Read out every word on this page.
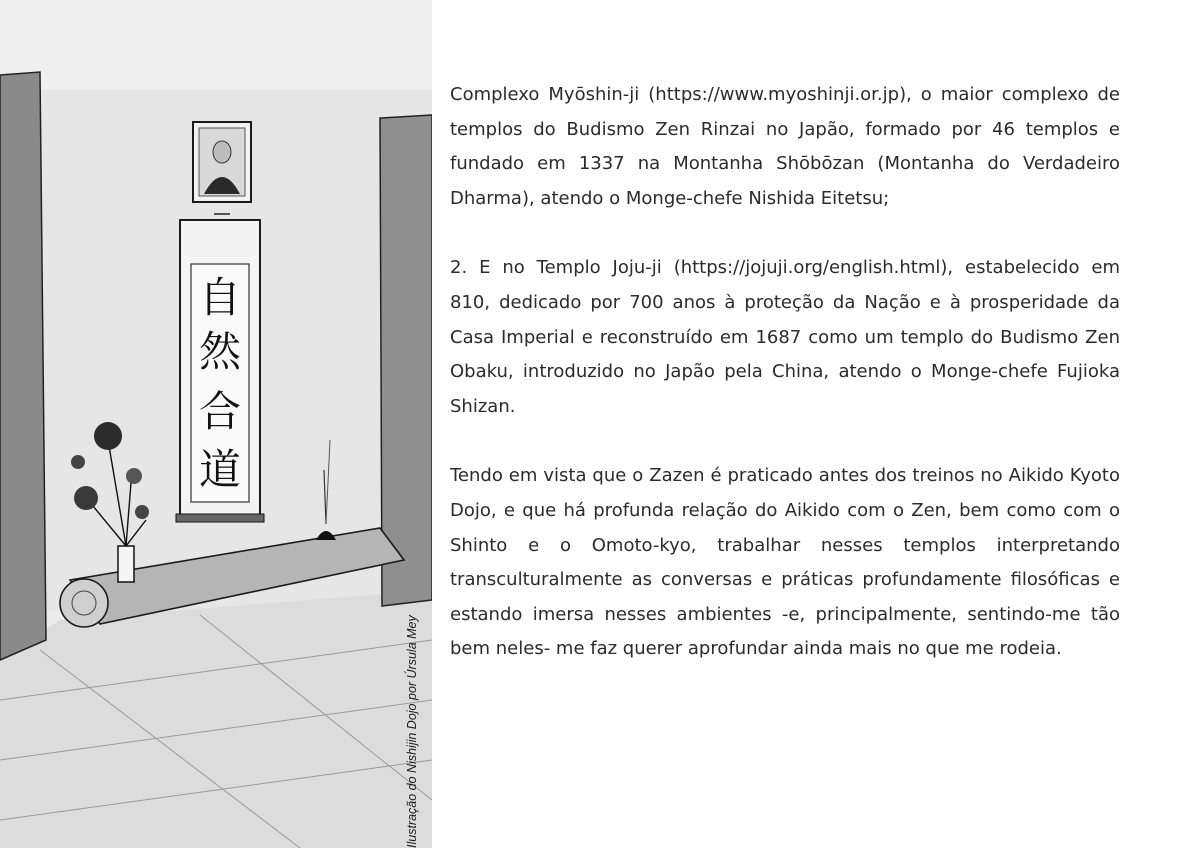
自
然
合
道
Ilustração do Nishijin Dojo por Úrsula Mey

Complexo Myōshin-ji (https://www.myoshinji.or.jp), o maior complexo de templos do Budismo Zen Rinzai no Japão, formado por 46 templos e fundado em 1337 na Montanha Shōbōzan (Montanha do Verdadeiro Dharma), atendo o Monge-chefe Nishida Eitetsu;

2. E no Templo Joju-ji (https://jojuji.org/english.html), estabelecido em 810, dedicado por 700 anos à proteção da Nação e à prosperidade da Casa Imperial e reconstruído em 1687 como um templo do Budismo Zen Obaku, introduzido no Japão pela China, atendo o Monge-chefe Fujioka Shizan.

Tendo em vista que o Zazen é praticado antes dos treinos no Aikido Kyoto Dojo, e que há profunda relação do Aikido com o Zen, bem como com o Shinto e o Omoto-kyo, trabalhar nesses templos interpretando transculturalmente as conversas e práticas profundamente filosóficas e estando imersa nesses ambientes -e, principalmente, sentindo-me tão bem neles- me faz querer aprofundar ainda mais no que me rodeia.
